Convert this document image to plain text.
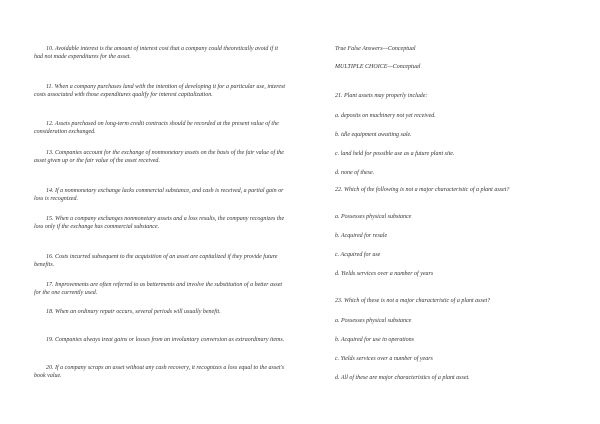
10. Avoidable interest is the amount of interest cost that a company could theoretically avoid if it had not made expenditures for the asset.

11. When a company purchases land with the intention of developing it for a particular use, interest costs associated with those expenditures qualify for interest capitalization.

12. Assets purchased on long-term credit contracts should be recorded at the present value of the consideration exchanged.

13. Companies account for the exchange of nonmonetary assets on the basis of the fair value of the asset given up or the fair value of the asset received.

14. If a nonmonetary exchange lacks commercial substance, and cash is received, a partial gain or loss is recognized.

15. When a company exchanges nonmonetary assets and a loss results, the company recognizes the loss only if the exchange has commercial substance.

16. Costs incurred subsequent to the acquisition of an asset are capitalized if they provide future benefits.

17. Improvements are often referred to as betterments and involve the substitution of a better asset for the one currently used.

18. When an ordinary repair occurs, several periods will usually benefit.

19. Companies always treat gains or losses from an involuntary conversion as extraordinary items.

20. If a company scraps an asset without any cash recovery, it recognizes a loss equal to the asset's book value.

True False Answers—Conceptual
MULTIPLE CHOICE—Conceptual
21. Plant assets may properly include:
a. deposits on machinery not yet received.
b. idle equipment awaiting sale.
c. land held for possible use as a future plant site.
d. none of these.
22. Which of the following is not a major characteristic of a plant asset?
a. Possesses physical substance
b. Acquired for resale
c. Acquired for use
d. Yields services over a number of years
23. Which of these is not a major characteristic of a plant asset?
a. Possesses physical substance
b. Acquired for use in operations
c. Yields services over a number of years
d. All of these are major characteristics of a plant asset.
